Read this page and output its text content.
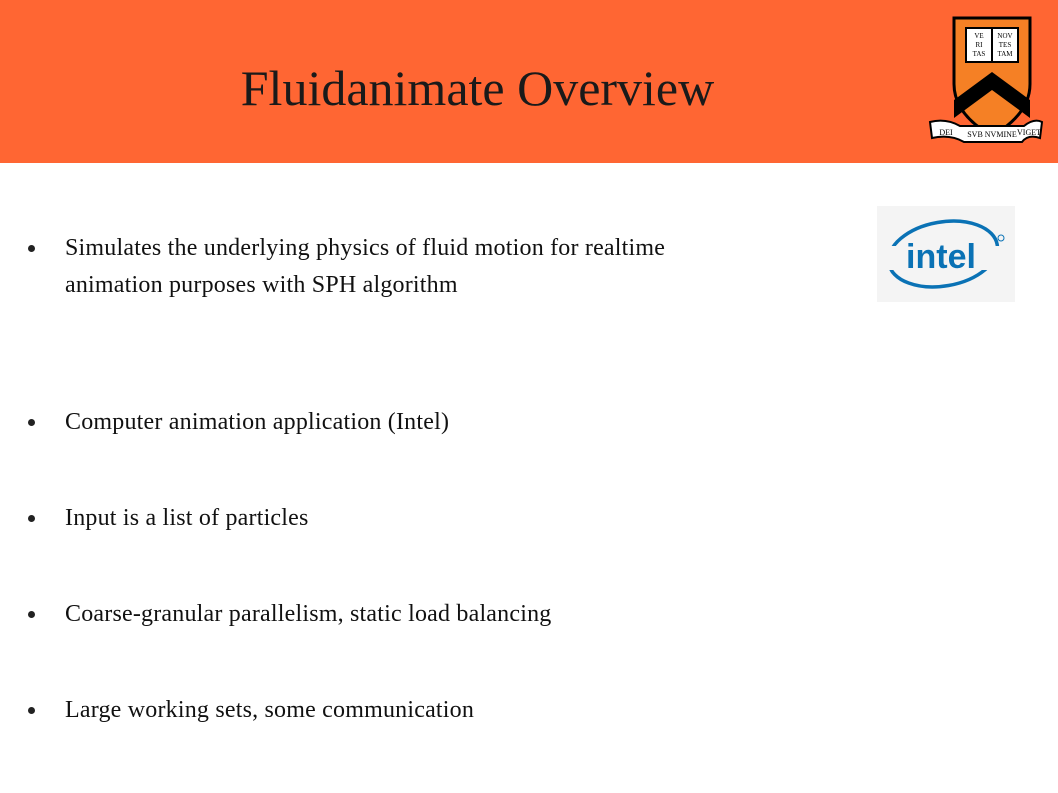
Fluidanimate Overview
VE
RI
TAS
NOV
TES
TAM
DEI SVB NVMINE VIGET
intel
Simulates the underlying physics of fluid motion for realtime animation purposes with SPH algorithm
Computer animation application (Intel)
Input is a list of particles
Coarse-granular parallelism, static load balancing
Large working sets, some communication
